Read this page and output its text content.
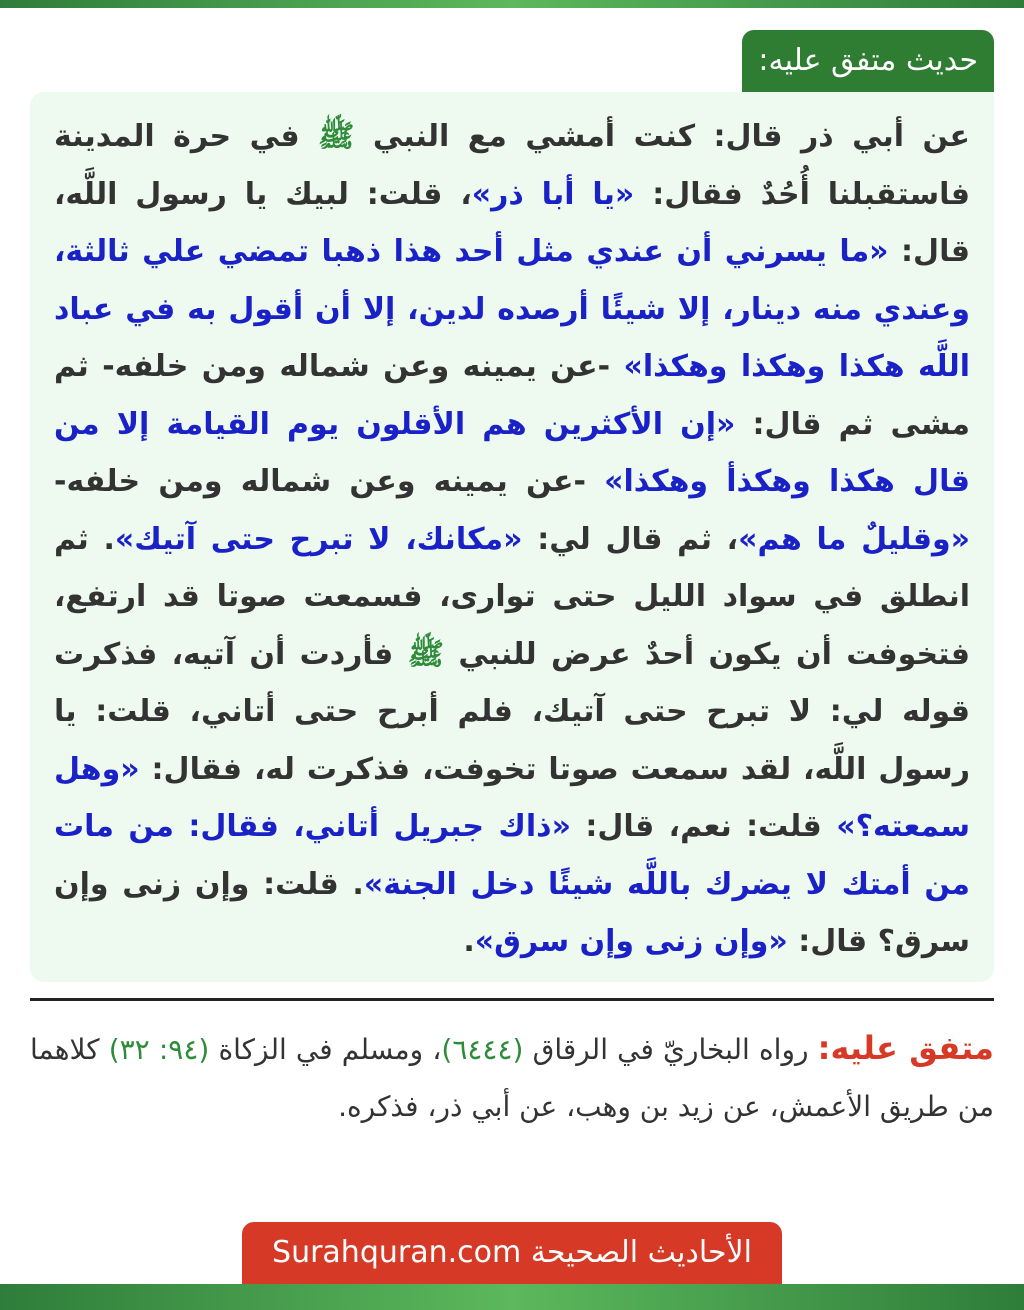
حديث متفق عليه:
عن أبي ذر قال: كنت أمشي مع النبي ﷺ في حرة المدينة فاستقبلنا أُحُدٌ فقال: «يا أبا ذر»، قلت: لبيك يا رسول اللَّه، قال: «ما يسرني أن عندي مثل أحد هذا ذهبا تمضي علي ثالثة، وعندي منه دينار، إلا شيئًا أرصده لدين، إلا أن أقول به في عباد اللَّه هكذا وهكذا وهكذا» -عن يمينه وعن شماله ومن خلفه- ثم مشى ثم قال: «إن الأكثرين هم الأقلون يوم القيامة إلا من قال هكذا وهكذأ وهكذا» -عن يمينه وعن شماله ومن خلفه- «وقليلٌ ما هم»، ثم قال لي: «مكانك، لا تبرح حتى آتيك». ثم انطلق في سواد الليل حتى توارى، فسمعت صوتا قد ارتفع، فتخوفت أن يكون أحدٌ عرض للنبي ﷺ فأردت أن آتيه، فذكرت قوله لي: لا تبرح حتى آتيك، فلم أبرح حتى أتاني، قلت: يا رسول اللَّه، لقد سمعت صوتا تخوفت، فذكرت له، فقال: «وهل سمعته؟» قلت: نعم، قال: «ذاك جبريل أتاني، فقال: من مات من أمتك لا يضرك باللَّه شيئًا دخل الجنة». قلت: وإن زنى وإن سرق؟ قال: «وإن زنى وإن سرق».
متفق عليه: رواه البخاريّ في الرقاق (٦٤٤٤)، ومسلم في الزكاة (٩٤: ٣٢) كلاهما من طريق الأعمش، عن زيد بن وهب، عن أبي ذر، فذكره.
الأحاديث الصحيحة Surahquran.com
